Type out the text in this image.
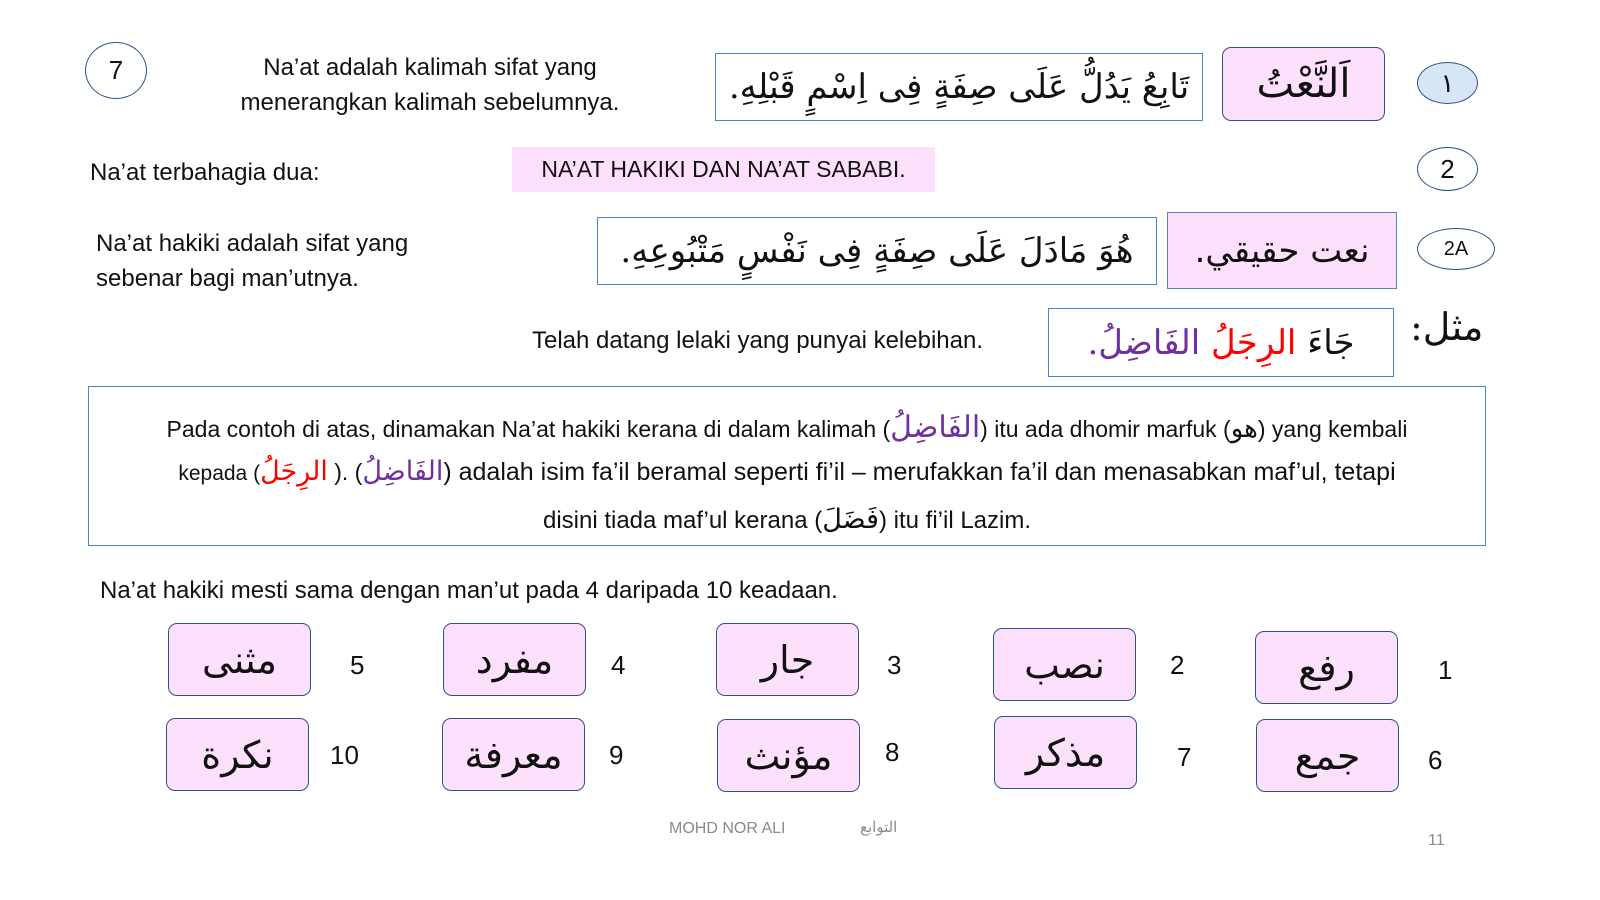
7	Na’at adalah kalimah sifat yang
menerangkan kalimah sebelumnya.	تَابِعُ يَدُلُّ عَلَى صِفَةٍ فِى اِسْمٍ قَبْلِهِ.	اَلنَّعْتُ	١
Na’at terbahagia dua:	NA’AT HAKIKI DAN NA’AT SABABI.	2
Na’at hakiki adalah sifat yang
sebenar bagi man’utnya.
هُوَ مَادَلَ عَلَى صِفَةٍ فِى نَفْسٍ مَتْبُوعِهِ.	نعت حقيقي.	2A
Telah datang lelaki yang punyai kelebihan.	جَاءَ

الرِجَلُ

الفَاضِلُ.	مثل:

Pada contoh di atas, dinamakan Na’at hakiki kerana di dalam kalimah (الفَاضِلُ) itu ada dhomir marfuk (هو) yang kembali

kepada (الرِجَلُ ). (الفَاضِلُ) adalah isim fa’il beramal seperti fi’il – merufakkan fa’il dan menasabkan maf’ul, tetapi

disini tiada maf’ul kerana (فَضَلَ) itu fi’il Lazim.

Na’at hakiki mesti sama dengan man’ut pada 4 daripada 10 keadaan.
رفع	1
نصب	2
جار	3
مفرد	4
مثنى	5
جمع	6
مذكر	7
مؤنث	8
معرفة	9
نكرة	10
MOHD NOR ALI	التوابع
11
